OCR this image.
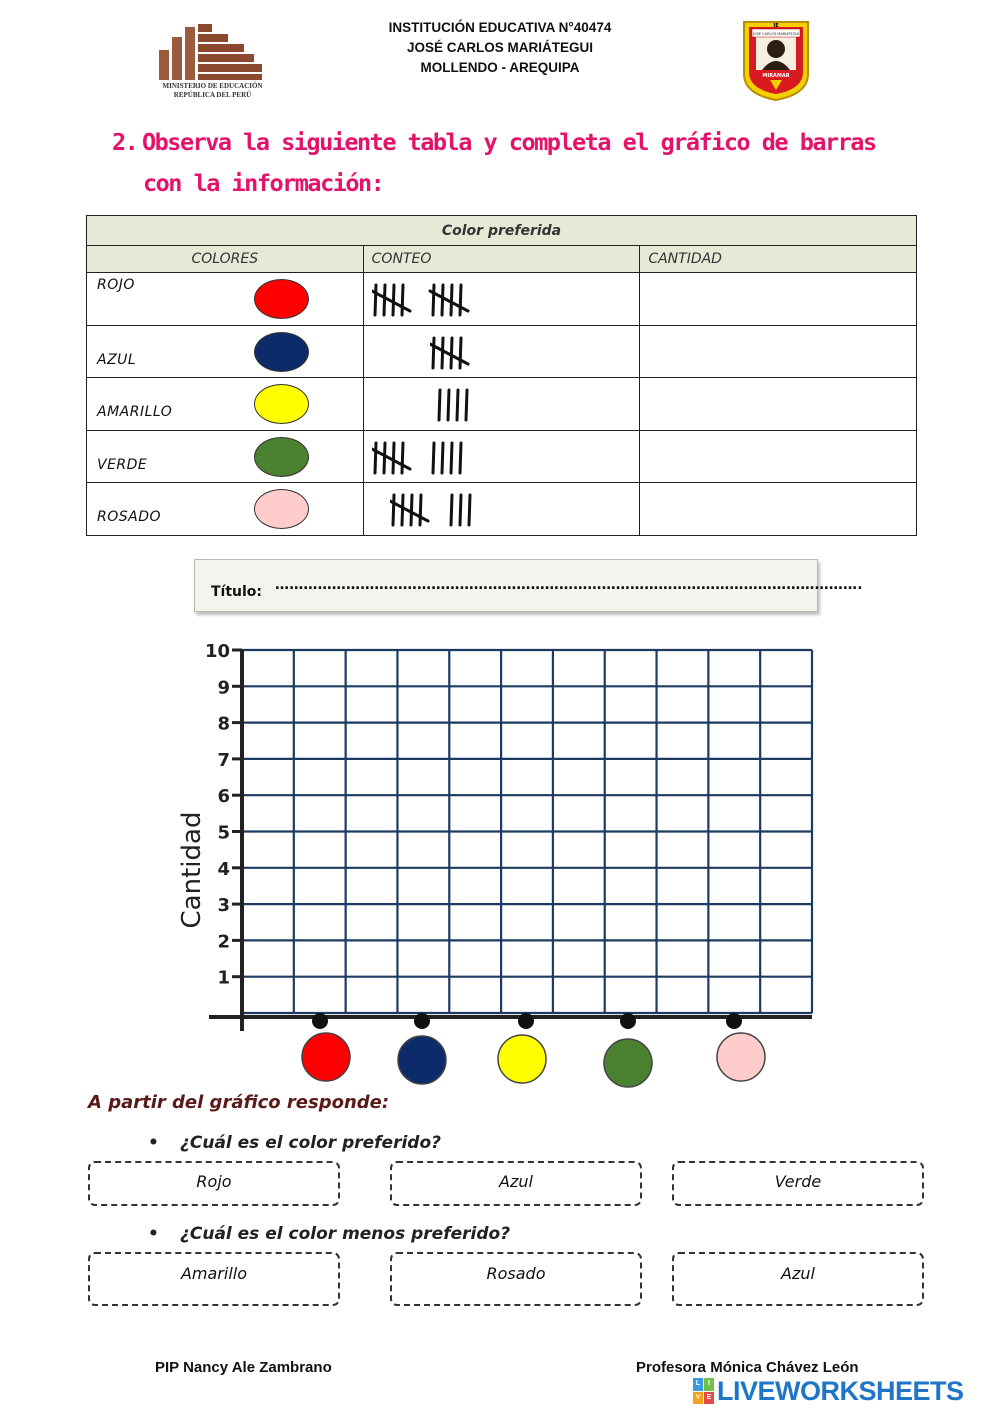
MINISTERIO DE EDUCACIÓN
REPÚBLICA DEL PERÚ
INSTITUCIÓN EDUCATIVA N°40474
JOSÉ CARLOS MARIÁTEGUI
MOLLENDO - AREQUIPA
IE
JOSÉ CARLOS MARIÁTEGUI
MIRAMAR
2. Observa la siguiente tabla y completa el gráfico de barras
con la información:
Color preferida		
COLORES	CONTEO	CANTIDAD

ROJO

AZUL

AMARILLO

VERDE

ROSADO

Título: …………………………………………………………………………………………………………….
1
2
3
4
5
6
7
8
9
10
Cantidad
A partir del gráfico responde:
• ¿Cuál es el color preferido?
Rojo	Azul	Verde
• ¿Cuál es el color menos preferido?
Amarillo	Rosado	Azul
PIP Nancy Ale Zambrano	Profesora Mónica Chávez León
L	I
V E LIVEWORKSHEETS
